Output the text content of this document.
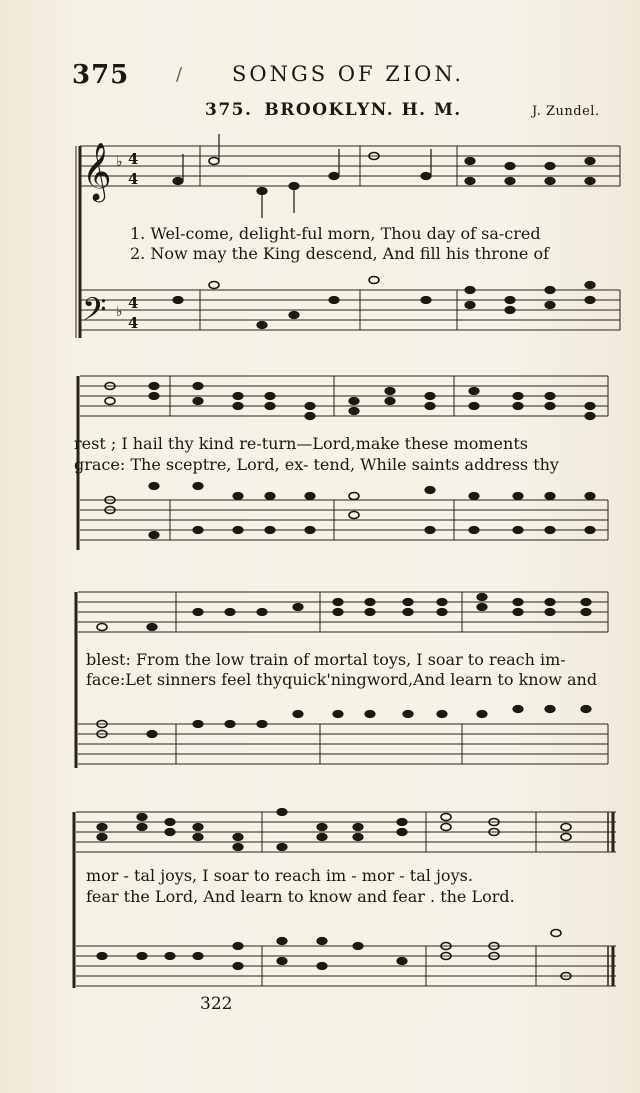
375	/ SONGS OF ZION.
375. BROOKLYN. H. M.	J. Zundel.
𝄞 ♭ 4
4
𝄢 ♭ 4
4
1. Wel-come, delight-ful morn, Thou day of sa-cred
2. Now may the King descend, And fill his throne of
rest ; I hail thy kind re-turn—Lord,make these moments
grace: The sceptre, Lord, ex- tend, While saints address thy
blest: From the low train of mortal toys, I soar to reach im-
face:Let sinners feel thyquick'ningword,And learn to know and
mor - tal joys, I soar to reach im - mor - tal joys.
fear the Lord, And learn to know and fear . the Lord.
322
